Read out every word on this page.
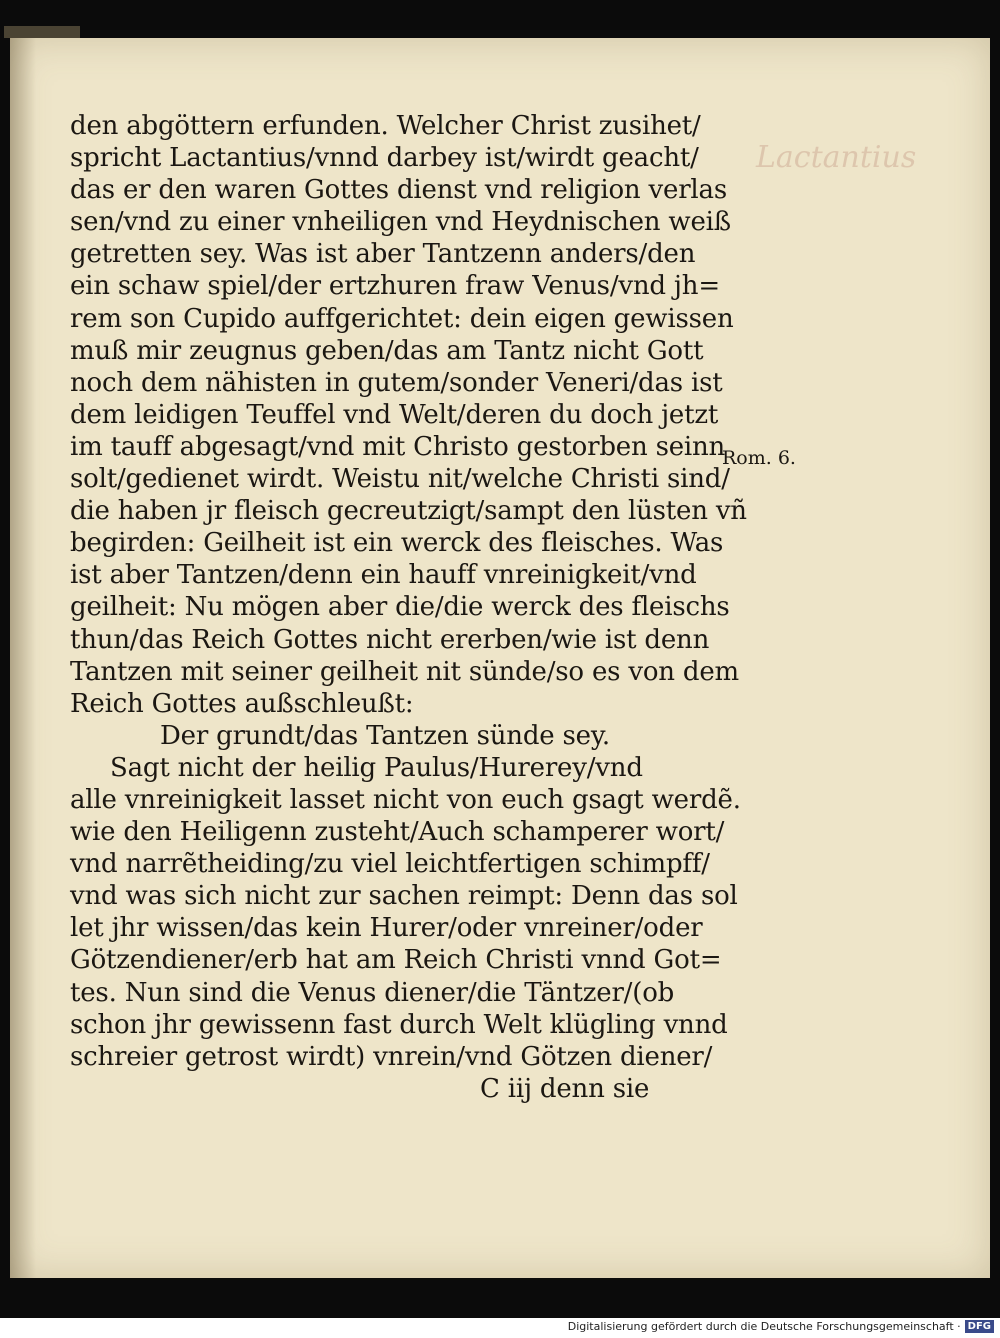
Lactantius
Rom. 6.
den abgöttern erfunden. Welcher Christ zusihet/
spricht Lactantius/vnnd darbey ist/wirdt geacht/
das er den waren Gottes dienst vnd religion verlas
sen/vnd zu einer vnheiligen vnd Heydnischen weiß
getretten sey. Was ist aber Tantzenn anders/den
ein schaw spiel/der ertzhuren fraw Venus/vnd jh=
rem son Cupido auffgerichtet: dein eigen gewissen
muß mir zeugnus geben/das am Tantz nicht Gott
noch dem nähisten in gutem/sonder Veneri/das ist
dem leidigen Teuffel vnd Welt/deren du doch jetzt
im tauff abgesagt/vnd mit Christo gestorben seinn
solt/gedienet wirdt. Weistu nit/welche Christi sind/
die haben jr fleisch gecreutzigt/sampt den lüsten vñ
begirden: Geilheit ist ein werck des fleisches. Was
ist aber Tantzen/denn ein hauff vnreinigkeit/vnd
geilheit: Nu mögen aber die/die werck des fleischs
thun/das Reich Gottes nicht ererben/wie ist denn
Tantzen mit seiner geilheit nit sünde/so es von dem
Reich Gottes außschleußt:
Der grundt/das Tantzen sünde sey.
Sagt nicht der heilig Paulus/Hurerey/vnd
alle vnreinigkeit lasset nicht von euch gsagt werdẽ.
wie den Heiligenn zusteht/Auch schamperer wort/
vnd narrẽtheiding/zu viel leichtfertigen schimpff/
vnd was sich nicht zur sachen reimpt: Denn das sol
let jhr wissen/das kein Hurer/oder vnreiner/oder
Götzendiener/erb hat am Reich Christi vnnd Got=
tes. Nun sind die Venus diener/die Täntzer/(ob
schon jhr gewissenn fast durch Welt klügling vnnd
schreier getrost wirdt) vnrein/vnd Götzen diener/
C iij denn sie
Digitalisierung gefördert durch die Deutsche Forschungsgemeinschaft · DFG
